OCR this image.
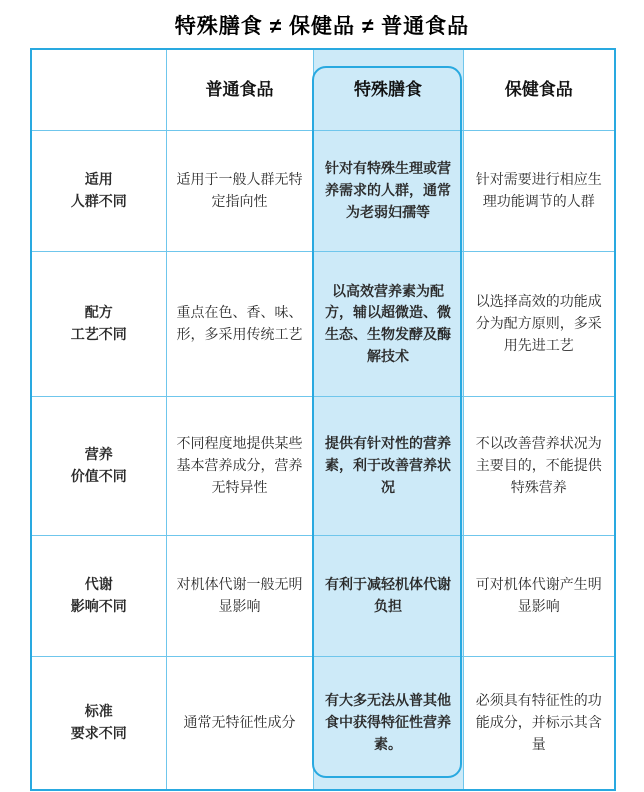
特殊膳食 ≠ 保健品 ≠ 普通食品
	普通食品	特殊膳食	保健食品

适用
人群不同	适用于一般人群无特定指向性	针对有特殊生理或营养需求的人群，通常为老弱妇孺等	针对需要进行相应生理功能调节的人群

配方
工艺不同	重点在色、香、味、形，多采用传统工艺	以高效营养素为配方，辅以超微造、微生态、生物发酵及酶解技术	以选择高效的功能成分为配方原则，多采用先进工艺

营养
价值不同	不同程度地提供某些基本营养成分，营养无特异性	提供有针对性的营养素，利于改善营养状况	不以改善营养状况为主要目的，不能提供特殊营养

代谢
影响不同	对机体代谢一般无明显影响	有利于减轻机体代谢负担	可对机体代谢产生明显影响

标准
要求不同	通常无特征性成分	有大多无法从普其他食中获得特征性营养素。	必须具有特征性的功能成分，并标示其含量
